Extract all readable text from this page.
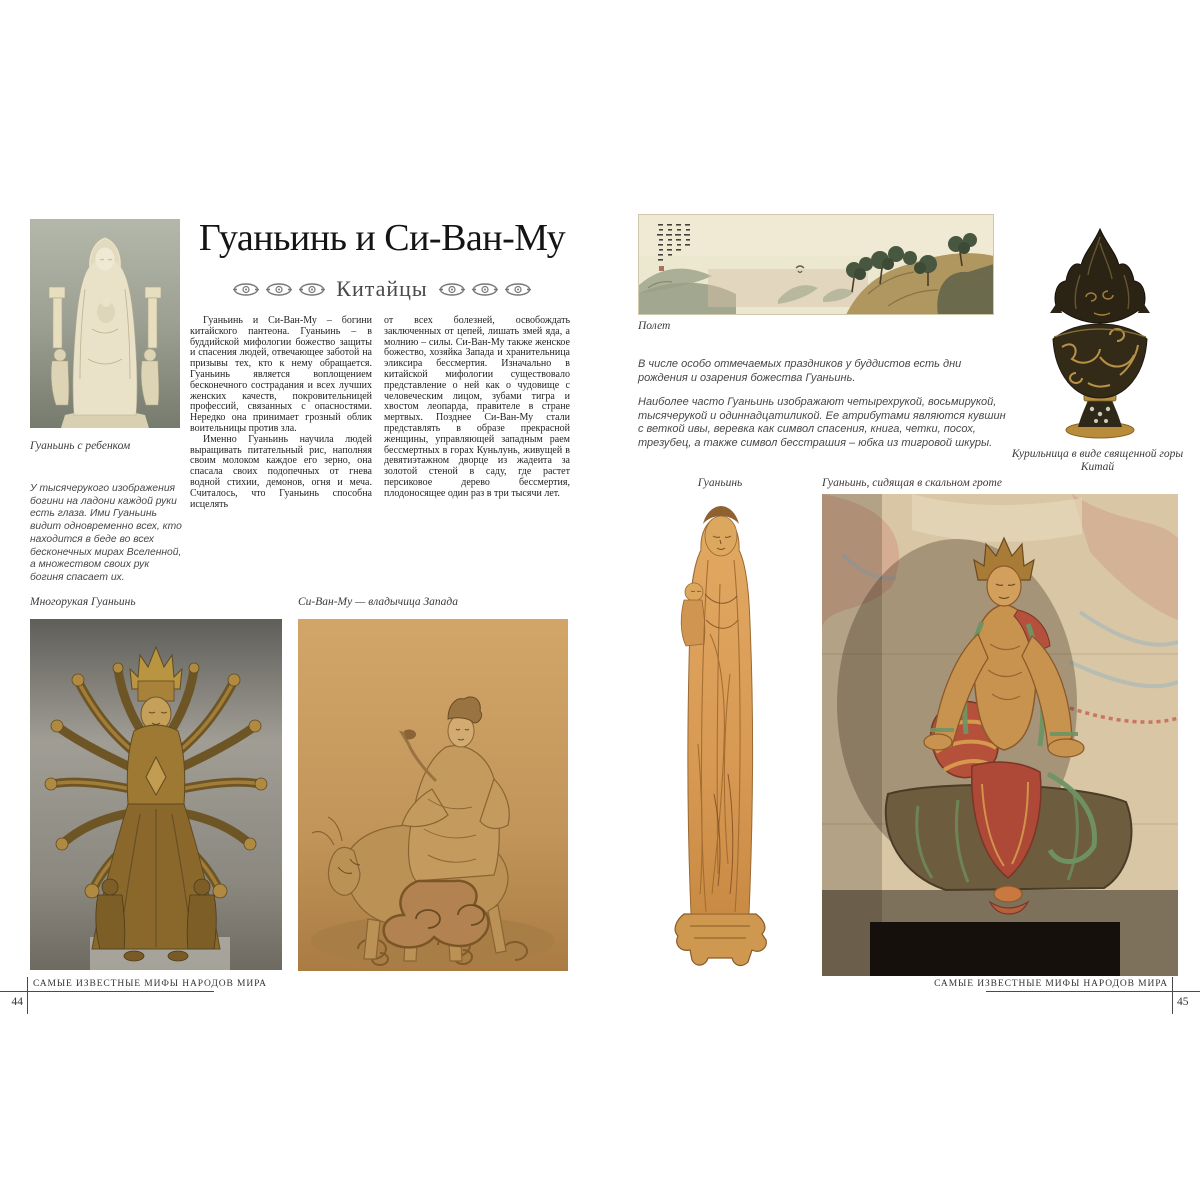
Гуаньинь с ребенком
У тысячерукого изображения богини на ладони каждой руки есть глаза. Ими Гуаньинь видит одновременно всех, кто находится в беде во всех бесконечных мирах Вселенной, а множеством своих рук богиня спасает их.
Многорукая Гуаньинь	Си-Ван-Му — владычица Запада
Гуаньинь и Си-Ван-Му
Китайцы

Гуаньинь и Си-Ван-Му – богини китайского пантеона. Гуаньинь – в буддийской мифологии божество защиты и спасения людей, отвечающее заботой на призывы тех, кто к нему обращается. Гуаньинь является воплощением бесконечного сострадания и всех лучших женских качеств, покровительницей профессий, связанных с опасностями. Нередко она принимает грозный облик воительницы против зла.

Именно Гуаньинь научила людей выращивать питательный рис, наполняя своим молоком каждое его зерно, она спасала своих подопечных от гнева водной стихии, демонов, огня и меча. Считалось, что Гуаньинь способна исцелять

от всех болезней, освобождать заключенных от цепей, лишать змей яда, а молнию – силы. Си-Ван-Му также женское божество, хозяйка Запада и хранительница эликсира бессмертия. Изначально в китайской мифологии существовало представление о ней как о чудовище с человеческим лицом, зубами тигра и хвостом леопарда, правителе в стране мертвых. Позднее Си-Ван-Му стали представлять в образе прекрасной женщины, управляющей западным раем бессмертных в горах Куньлунь, живущей в девятиэтажном дворце из жадеита за золотой стеной в саду, где растет персиковое дерево бессмертия, плодоносящее один раз в три тысячи лет.

САМЫЕ ИЗВЕСТНЫЕ МИФЫ НАРОДОВ МИРА
44
Полет
Курильница в виде священной горы Китай
В числе особо отмечаемых праздников у буддистов есть дни рождения и озарения божества Гуаньинь.
Наиболее часто Гуаньинь изображают четырехрукой, восьмирукой, тысячерукой и одиннадцатиликой. Ее атрибутами являются кувшин с веткой ивы, веревка как символ спасения, книга, четки, посох, трезубец, а также символ бесстрашия – юбка из тигровой шкуры.
Гуаньинь	Гуаньинь, сидящая в скальном гроте
САМЫЕ ИЗВЕСТНЫЕ МИФЫ НАРОДОВ МИРА
45
